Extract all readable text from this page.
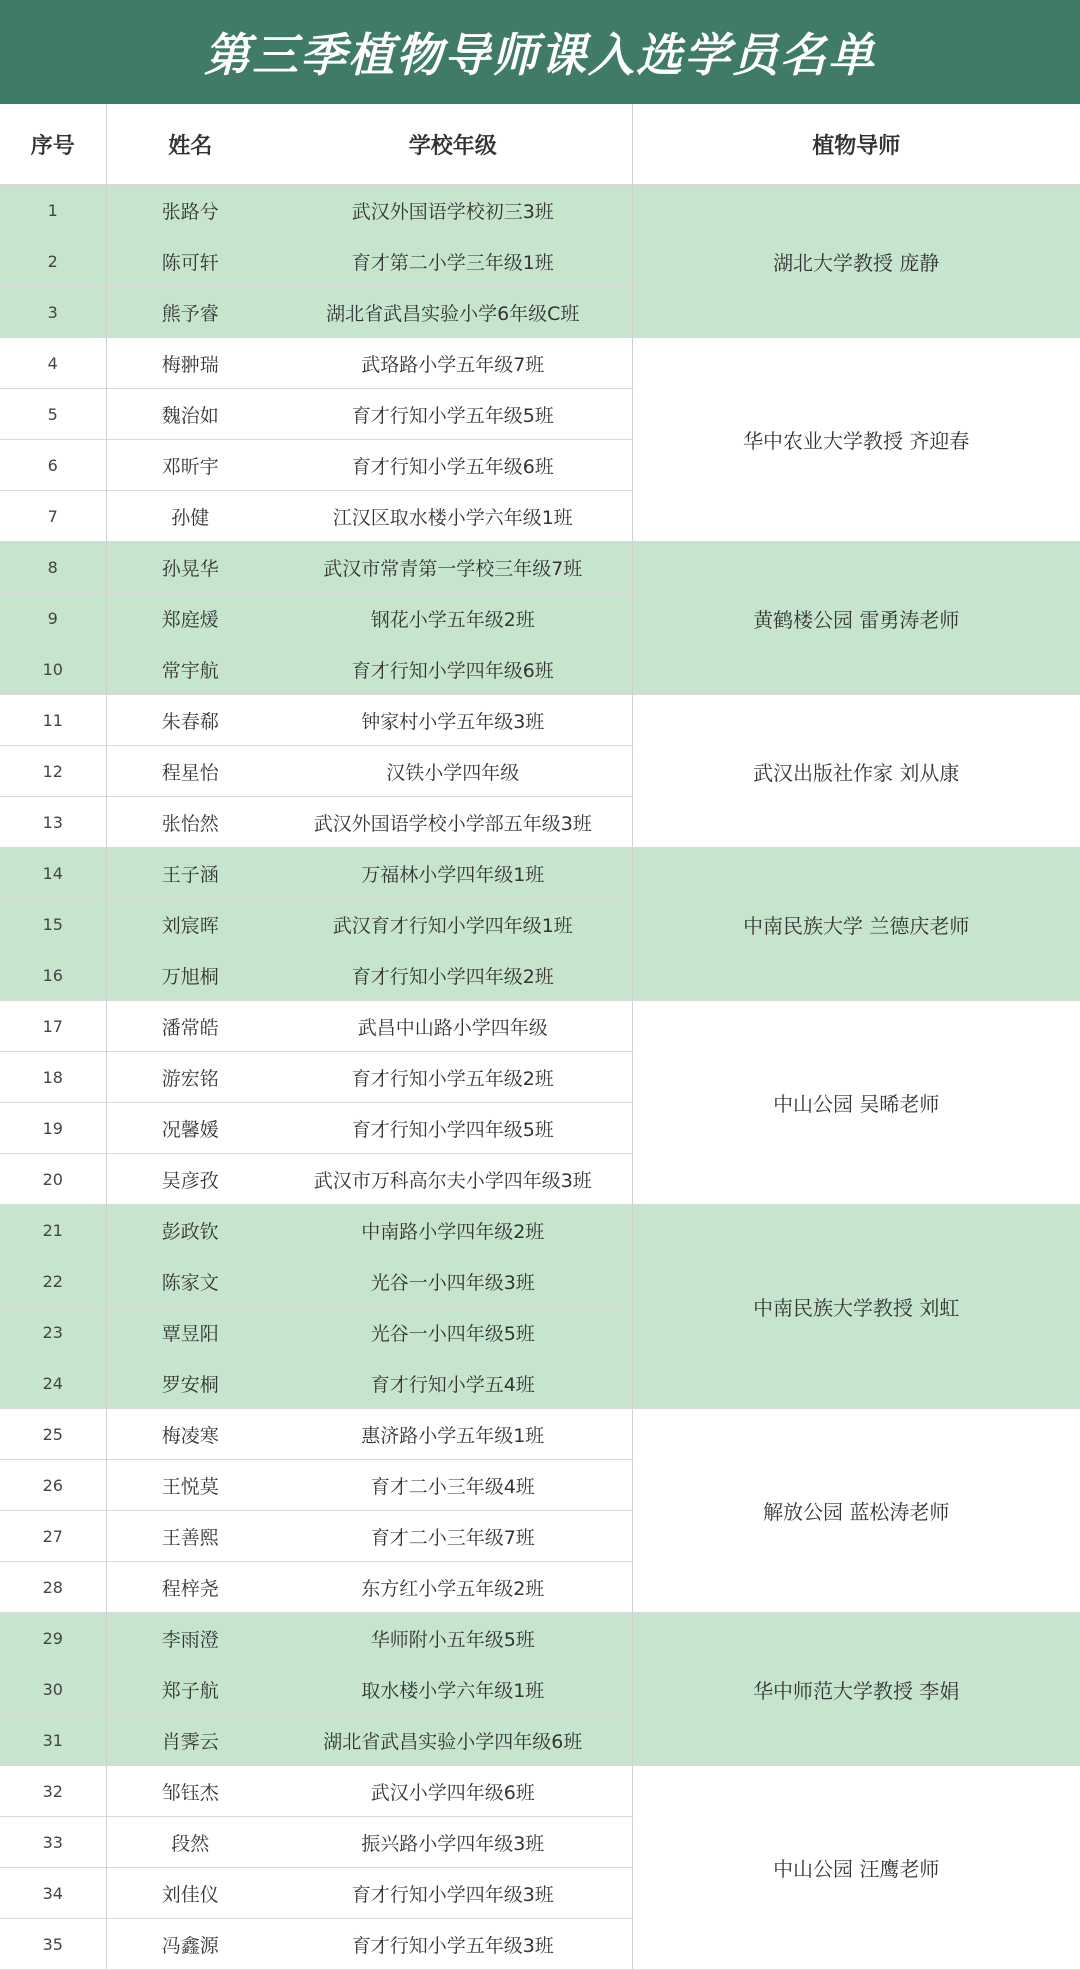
第三季植物导师课入选学员名单
序号	姓名	学校年级	植物导师
1	张路兮	武汉外国语学校初三3班	湖北大学教授 庞静
2	陈可轩	育才第二小学三年级1班	
3	熊予睿	湖北省武昌实验小学6年级C班	
4	梅翀瑞	武珞路小学五年级7班	华中农业大学教授 齐迎春
5	魏治如	育才行知小学五年级5班	
6	邓昕宇	育才行知小学五年级6班	
7	孙健	江汉区取水楼小学六年级1班	
8	孙晃华	武汉市常青第一学校三年级7班	黄鹤楼公园 雷勇涛老师
9	郑庭煖	钢花小学五年级2班	
10	常宇航	育才行知小学四年级6班	
11	朱春郗	钟家村小学五年级3班	武汉出版社作家 刘从康
12	程星怡	汉铁小学四年级	
13	张怡然	武汉外国语学校小学部五年级3班	
14	王子涵	万福林小学四年级1班	中南民族大学 兰德庆老师
15	刘宸晖	武汉育才行知小学四年级1班	
16	万旭桐	育才行知小学四年级2班	
17	潘常皓	武昌中山路小学四年级	中山公园 吴晞老师
18	游宏铭	育才行知小学五年级2班	
19	况馨媛	育才行知小学四年级5班	
20	吴彦孜	武汉市万科高尔夫小学四年级3班	
21	彭政钦	中南路小学四年级2班	中南民族大学教授 刘虹
22	陈家文	光谷一小四年级3班	
23	覃昱阳	光谷一小四年级5班	
24	罗安桐	育才行知小学五4班	
25	梅凌寒	惠济路小学五年级1班	解放公园 蓝松涛老师
26	王悦莫	育才二小三年级4班	
27	王善熙	育才二小三年级7班	
28	程梓尧	东方红小学五年级2班	
29	李雨澄	华师附小五年级5班	华中师范大学教授 李娟
30	郑子航	取水楼小学六年级1班	
31	肖霁云	湖北省武昌实验小学四年级6班	
32	邹钰杰	武汉小学四年级6班	中山公园 汪鹰老师
33	段然	振兴路小学四年级3班	
34	刘佳仪	育才行知小学四年级3班	
35	冯鑫源	育才行知小学五年级3班	
